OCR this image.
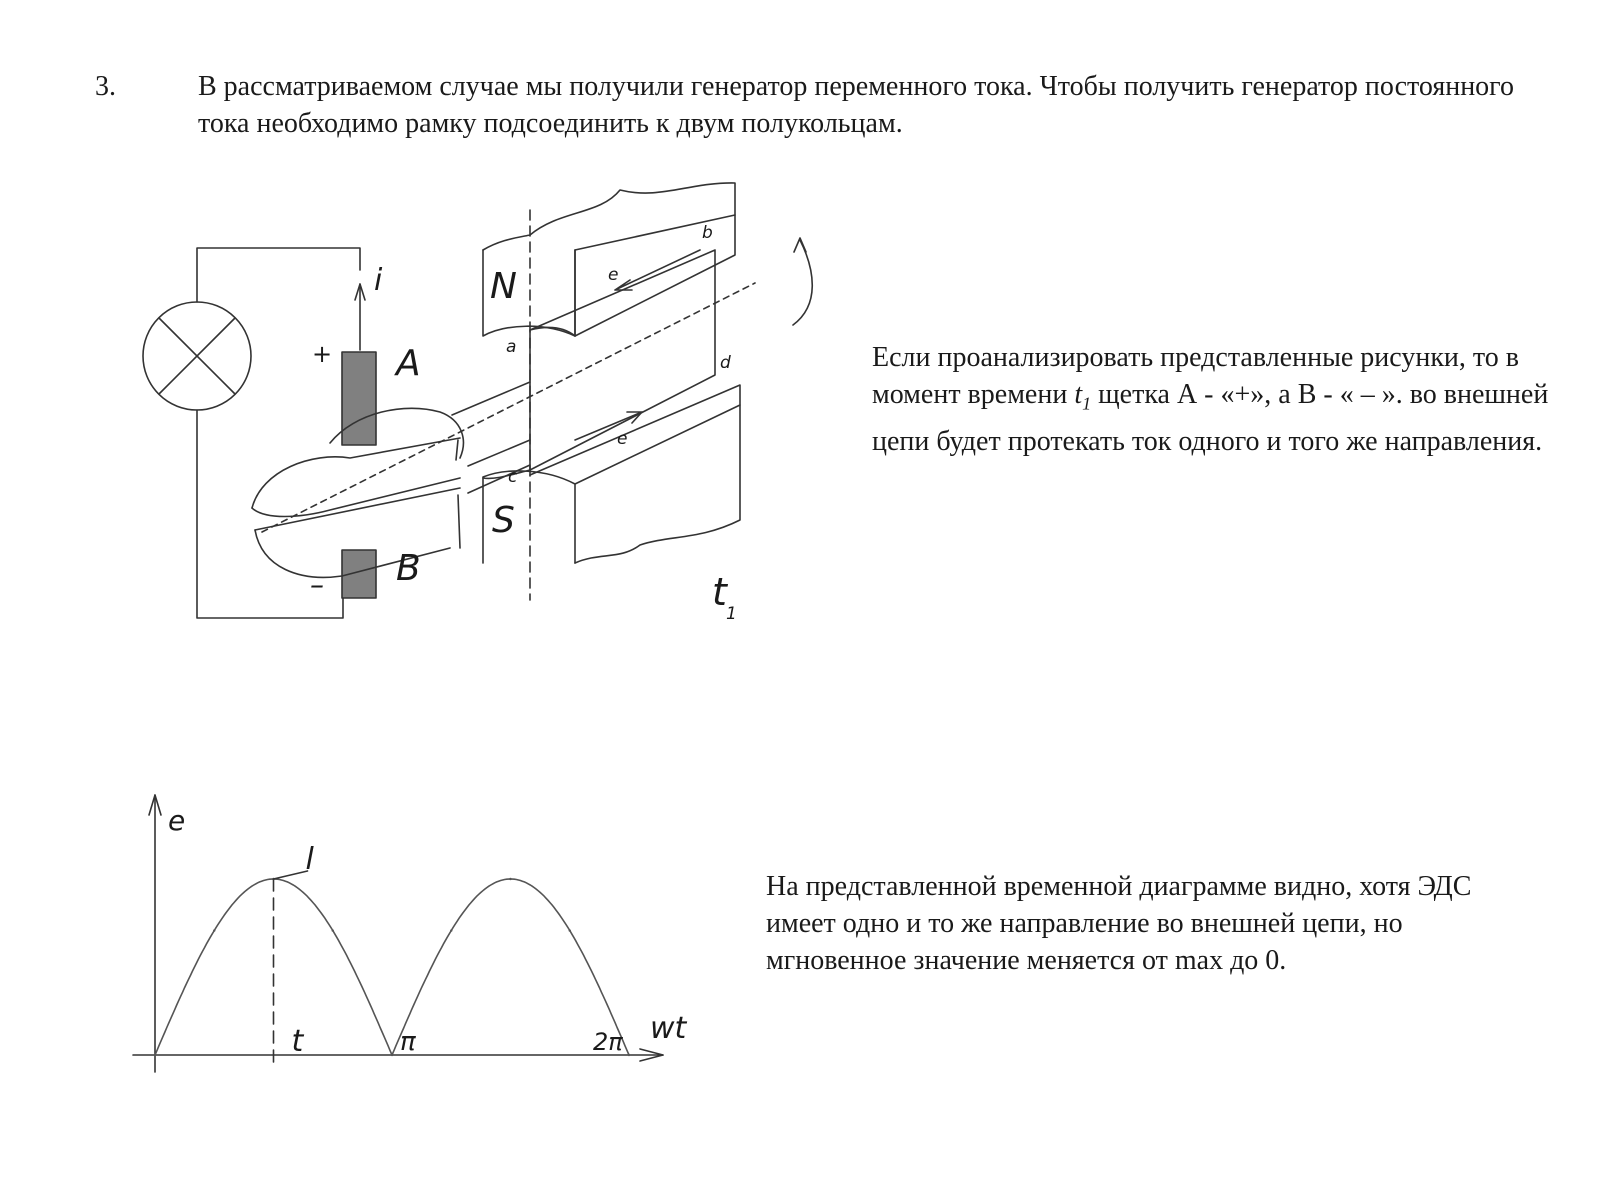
3.	В рассматриваемом случае мы получили генератор переменного тока. Чтобы получить генератор постоянного тока необходимо рамку подсоединить к двум полукольцам.
Если проанализировать представленные рисунки, то в момент времени $t_1$ щетка А - «+», а В - « – ». во внешней цепи будет протекать ток одного и того же направления.
На представленной временной диаграмме видно, хотя ЭДС имеет одно и то же направление во внешней цепи, но мгновенное значение меняется от max до 0.
i
A
B
+
–
N
S
a
b
c
d
e
e
t 1
e
wt
π	2π
l
t
